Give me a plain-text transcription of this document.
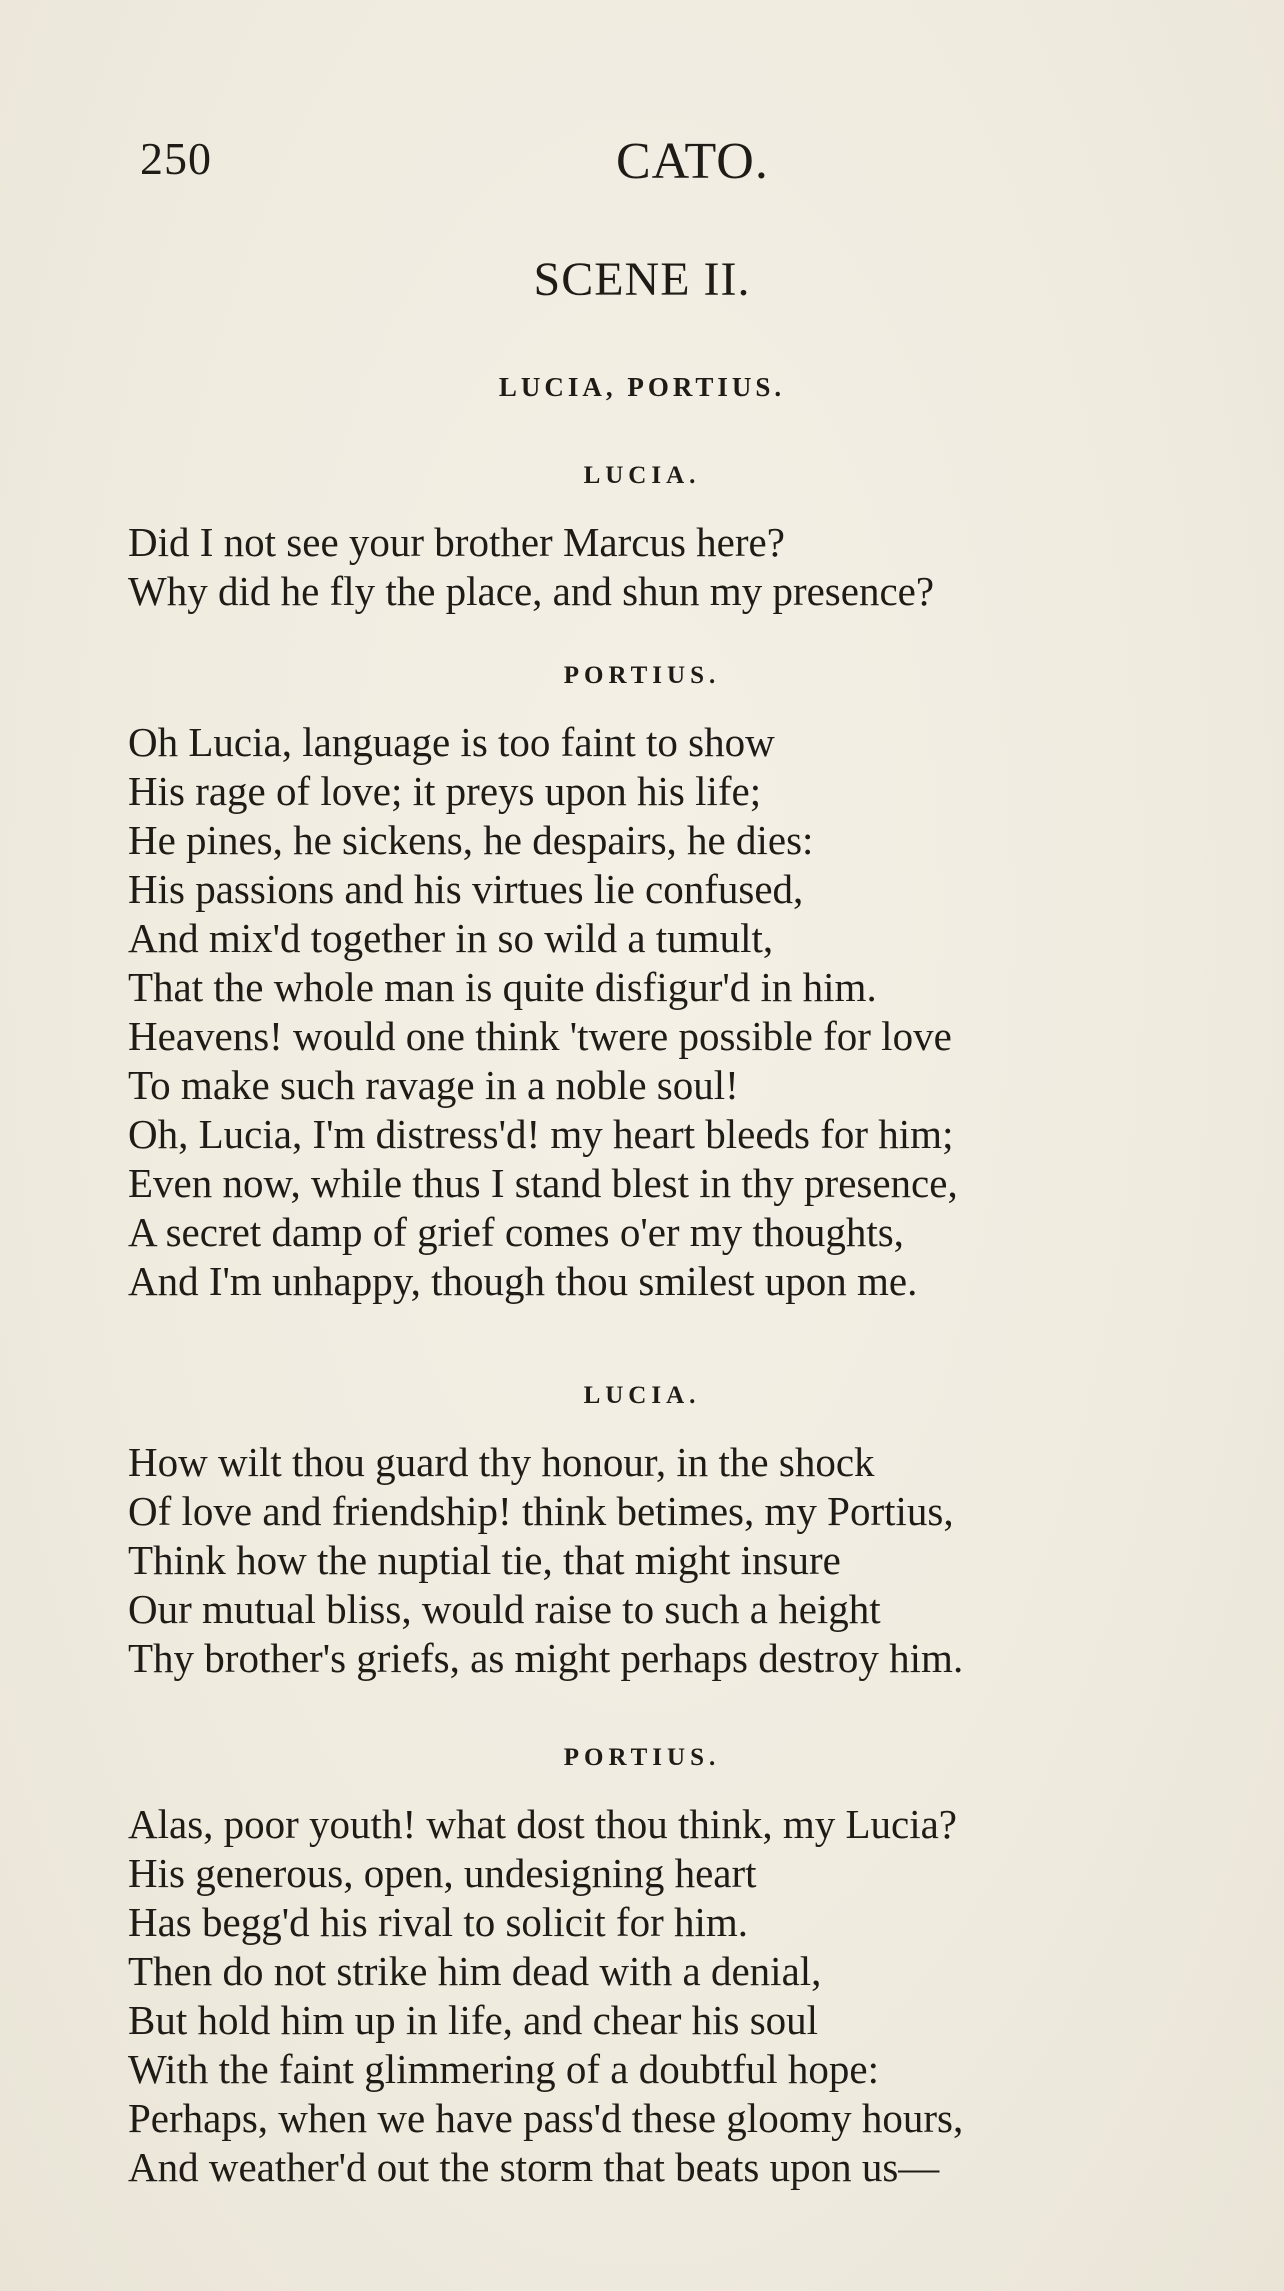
250	CATO.
SCENE II.
LUCIA, PORTIUS.
LUCIA.
Did I not see your brother Marcus here?
Why did he fly the place, and shun my presence?
PORTIUS.
Oh Lucia, language is too faint to show
His rage of love; it preys upon his life;
He pines, he sickens, he despairs, he dies:
His passions and his virtues lie confused,
And mix'd together in so wild a tumult,
That the whole man is quite disfigur'd in him.
Heavens! would one think 'twere possible for love
To make such ravage in a noble soul!
Oh, Lucia, I'm distress'd! my heart bleeds for him;
Even now, while thus I stand blest in thy presence,
A secret damp of grief comes o'er my thoughts,
And I'm unhappy, though thou smilest upon me.
LUCIA.
How wilt thou guard thy honour, in the shock
Of love and friendship! think betimes, my Portius,
Think how the nuptial tie, that might insure
Our mutual bliss, would raise to such a height
Thy brother's griefs, as might perhaps destroy him.
PORTIUS.
Alas, poor youth! what dost thou think, my Lucia?
His generous, open, undesigning heart
Has begg'd his rival to solicit for him.
Then do not strike him dead with a denial,
But hold him up in life, and chear his soul
With the faint glimmering of a doubtful hope:
Perhaps, when we have pass'd these gloomy hours,
And weather'd out the storm that beats upon us—
